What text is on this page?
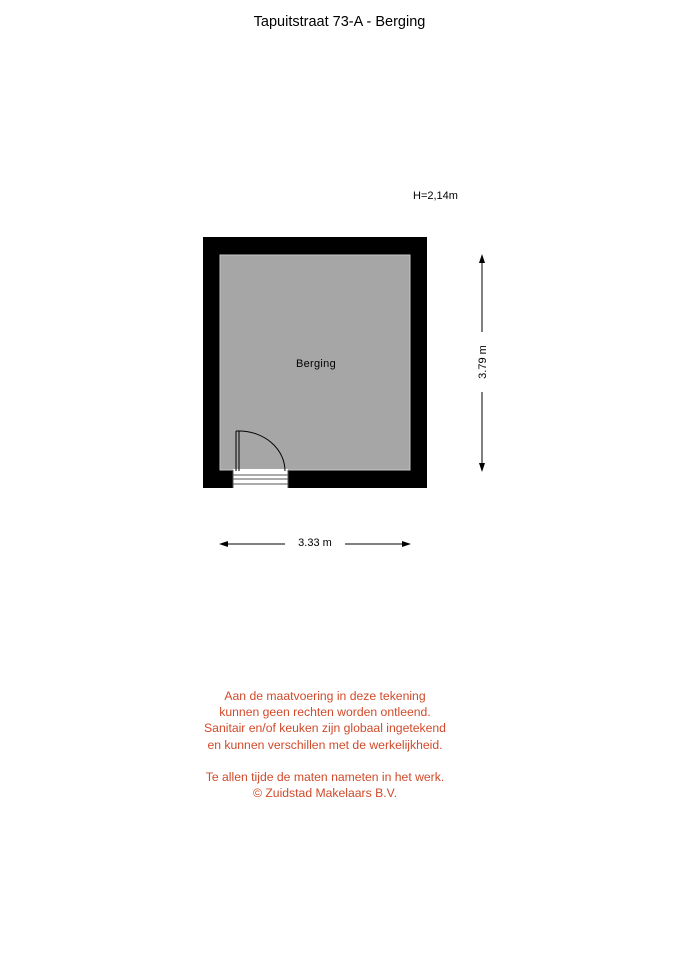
Tapuitstraat 73-A - Berging
H=2,14m
Berging
3.33 m
3.79 m
Aan de maatvoering in deze tekening
kunnen geen rechten worden ontleend.
Sanitair en/of keuken zijn globaal ingetekend
en kunnen verschillen met de werkelijkheid.
Te allen tijde de maten nameten in het werk.
© Zuidstad Makelaars B.V.
